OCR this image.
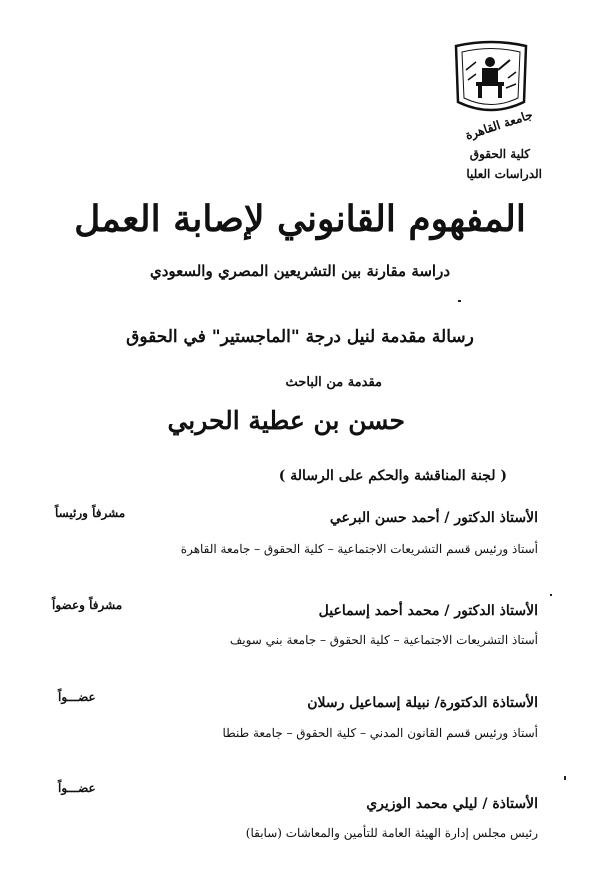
جامعة القاهرة
كلية الحقوق
الدراسات العليا
المفهوم القانوني لإصابة العمل
دراسة مقارنة بين التشريعين المصري والسعودي
رسالة مقدمة لنيل درجة "الماجستير" في الحقوق
مقدمة من الباحث
حسن بن عطية الحربي
( لجنة المناقشة والحكم على الرسالة )
الأستاذ الدكتور / أحمد حسن البرعي
أستاذ ورئيس قسم التشريعات الاجتماعية – كلية الحقوق – جامعة القاهرة
مشرفاً ورئيساً
الأستاذ الدكتور / محمد أحمد إسماعيل
أستاذ التشريعات الاجتماعية – كلية الحقوق – جامعة بني سويف
مشرفاً وعضواً
الأستاذة الدكتورة/ نبيلة إسماعيل رسلان
أستاذ ورئيس قسم القانون المدني – كلية الحقوق – جامعة طنطا
عضـــواً
الأستاذة / ليلي محمد الوزيري
رئيس مجلس إدارة الهيئة العامة للتأمين والمعاشات (سابقا)
عضـــواً
